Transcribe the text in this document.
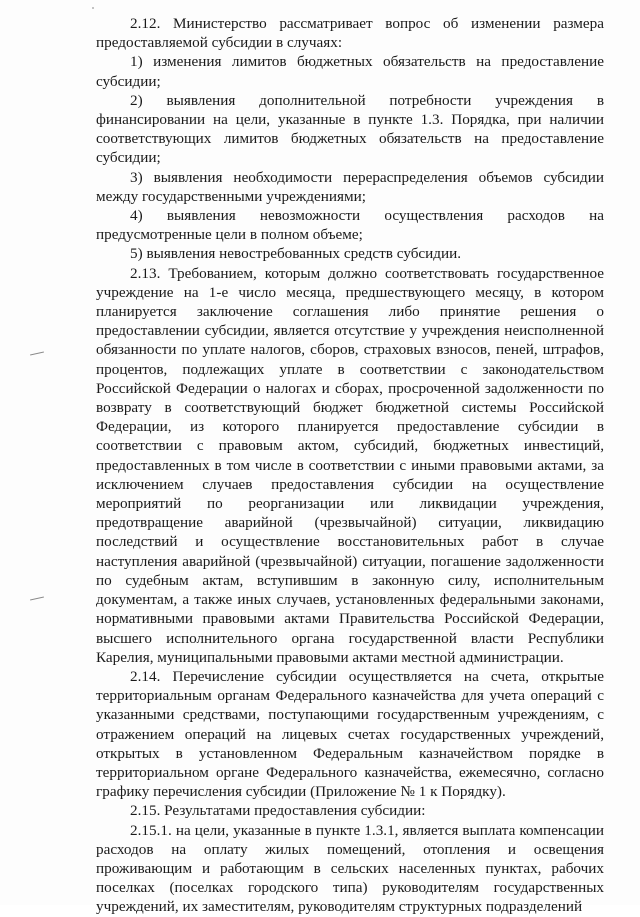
2.12. Министерство рассматривает вопрос об изменении размера предоставляемой субсидии в случаях:

1) изменения лимитов бюджетных обязательств на предоставление субсидии;

2) выявления дополнительной потребности учреждения в финансировании на цели, указанные в пункте 1.3. Порядка, при наличии соответствующих лимитов бюджетных обязательств на предоставление субсидии;

3) выявления необходимости перераспределения объемов субсидии между государственными учреждениями;

4) выявления невозможности осуществления расходов на предусмотренные цели в полном объеме;

5) выявления невостребованных средств субсидии.

2.13. Требованием, которым должно соответствовать государственное учреждение на 1-е число месяца, предшествующего месяцу, в котором планируется заключение соглашения либо принятие решения о предоставлении субсидии, является отсутствие у учреждения неисполненной обязанности по уплате налогов, сборов, страховых взносов, пеней, штрафов, процентов, подлежащих уплате в соответствии с законодательством Российской Федерации о налогах и сборах, просроченной задолженности по возврату в соответствующий бюджет бюджетной системы Российской Федерации, из которого планируется предоставление субсидии в соответствии с правовым актом, субсидий, бюджетных инвестиций, предоставленных в том числе в соответствии с иными правовыми актами, за исключением случаев предоставления субсидии на осуществление мероприятий по реорганизации или ликвидации учреждения, предотвращение аварийной (чрезвычайной) ситуации, ликвидацию последствий и осуществление восстановительных работ в случае наступления аварийной (чрезвычайной) ситуации, погашение задолженности по судебным актам, вступившим в законную силу, исполнительным документам, а также иных случаев, установленных федеральными законами, нормативными правовыми актами Правительства Российской Федерации, высшего исполнительного органа государственной власти Республики Карелия, муниципальными правовыми актами местной администрации.

2.14. Перечисление субсидии осуществляется на счета, открытые территориальным органам Федерального казначейства для учета операций с указанными средствами, поступающими государственным учреждениям, с отражением операций на лицевых счетах государственных учреждений, открытых в установленном Федеральным казначейством порядке в территориальном органе Федерального казначейства, ежемесячно, согласно графику перечисления субсидии (Приложение № 1 к Порядку).

2.15. Результатами предоставления субсидии:

2.15.1. на цели, указанные в пункте 1.3.1, является выплата компенсации расходов на оплату жилых помещений, отопления и освещения проживающим и работающим в сельских населенных пунктах, рабочих поселках (поселках городского типа) руководителям государственных учреждений, их заместителям, руководителям структурных подразделений
